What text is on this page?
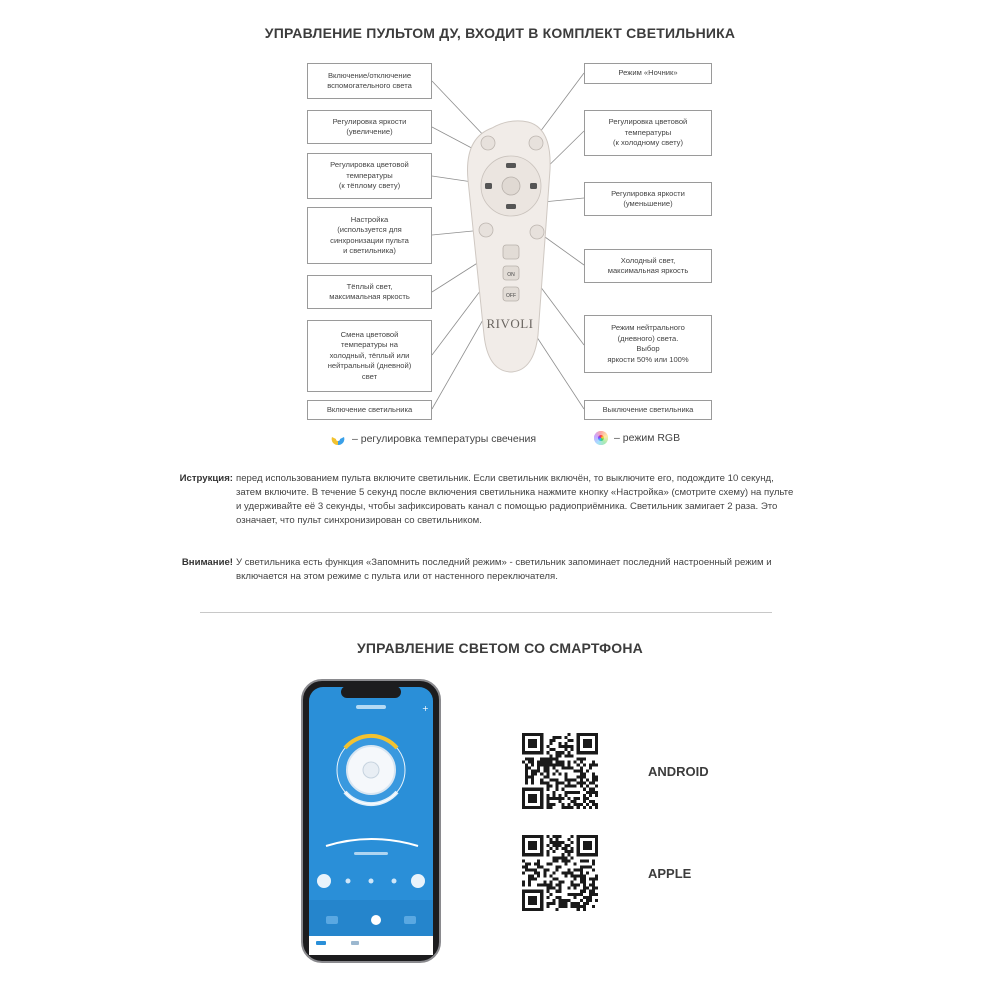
УПРАВЛЕНИЕ ПУЛЬТОМ ДУ, ВХОДИТ В КОМПЛЕКТ СВЕТИЛЬНИКА
ON
OFF
RIVOLI
Включение/отключение
вспомогательного света
Регулировка яркости
(увеличение)
Регулировка цветовой
температуры
(к тёплому свету)
Настройка
(используется для
синхронизации пульта
и светильника)
Тёплый свет,
максимальная яркость
Смена цветовой
температуры на
холодный, тёплый или
нейтральный (дневной)
свет
Включение светильника
Режим «Ночник»
Регулировка цветовой
температуры
(к холодному свету)
Регулировка яркости
(уменьшение)
Холодный свет,
максимальная яркость
Режим нейтрального
(дневного) света.
Выбор
яркости 50% или 100%
Выключение светильника
– регулировка температуры свечения	– режим RGB
Иструкция: перед использованием пульта включите светильник. Если светильник включён, то выключите его, подождите 10 секунд, затем включите. В течение 5 секунд после включения светильника нажмите кнопку «Настройка» (смотрите схему) на пульте и удерживайте её 3 секунды, чтобы зафиксировать канал с помощью радиоприёмника. Светильник замигает 2 раза. Это означает, что пульт синхронизирован со светильником.
Внимание! У светильника есть функция «Запомнить последний режим» - светильник запоминает последний настроенный режим и включается на этом режиме с пульта или от настенного переключателя.
УПРАВЛЕНИЕ СВЕТОМ СО СМАРТФОНА
+
ANDROID
APPLE
